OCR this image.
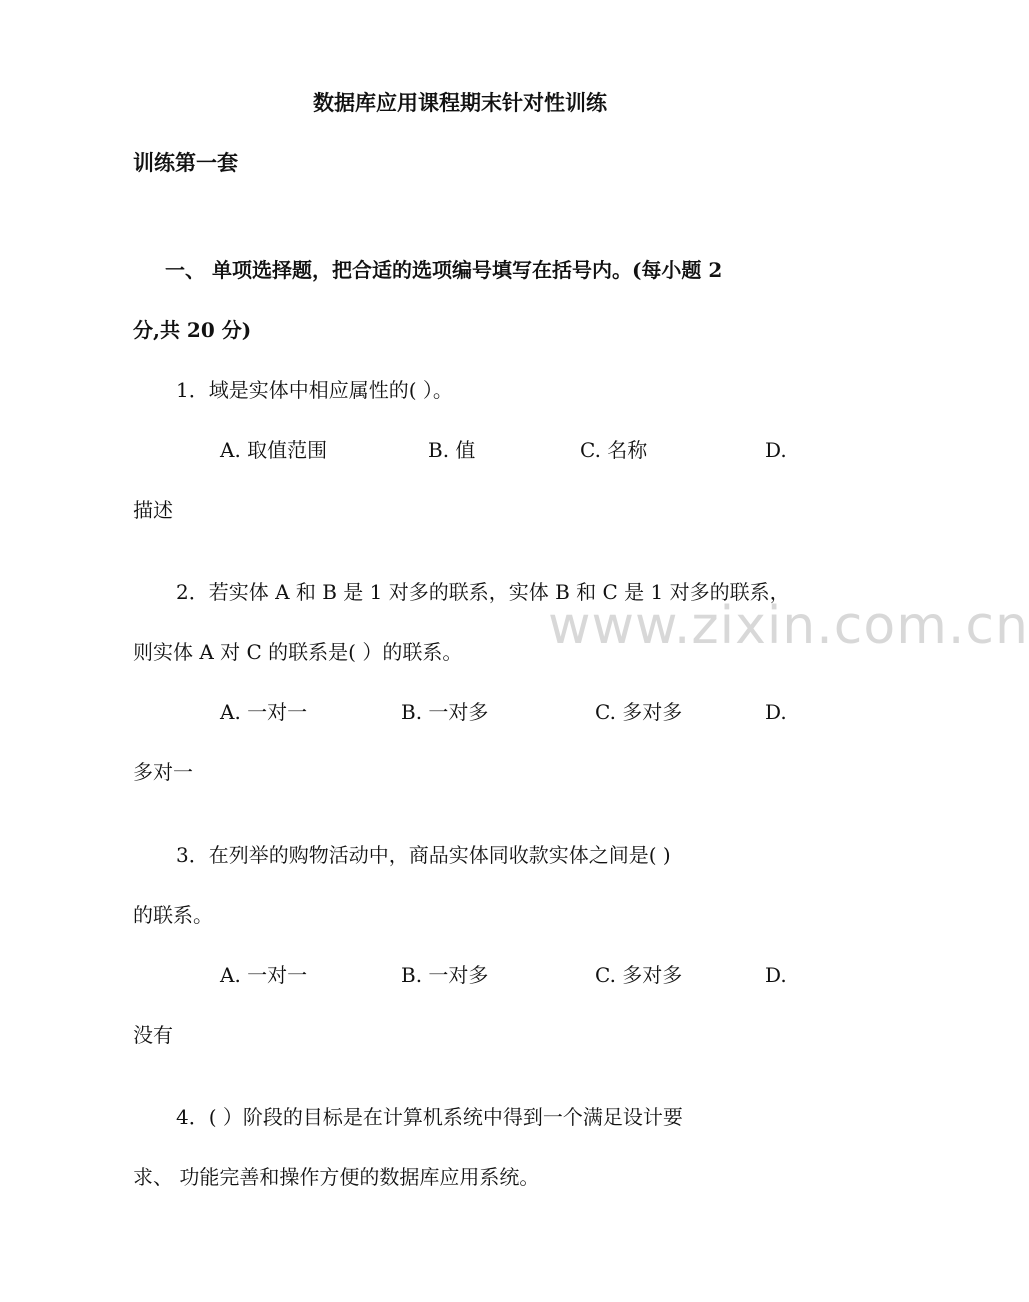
数据库应用课程期末针对性训练
训练第一套
一、 单项选择题，把合适的选项编号填写在括号内。(每小题 2
分,共 20 分)
1．域是实体中相应属性的( ）。
A. 取值范围	B. 值	C. 名称	D.
描述
2．若实体 A 和 B 是 1 对多的联系，实体 B 和 C 是 1 对多的联系，
则实体 A 对 C 的联系是( ）的联系。
A. 一对一	B. 一对多	C. 多对多	D.
多对一
3．在列举的购物活动中，商品实体同收款实体之间是( )
的联系。
A. 一对一	B. 一对多	C. 多对多	D.
没有
4．( ）阶段的目标是在计算机系统中得到一个满足设计要
求、 功能完善和操作方便的数据库应用系统。
www.zixin.com.cn
